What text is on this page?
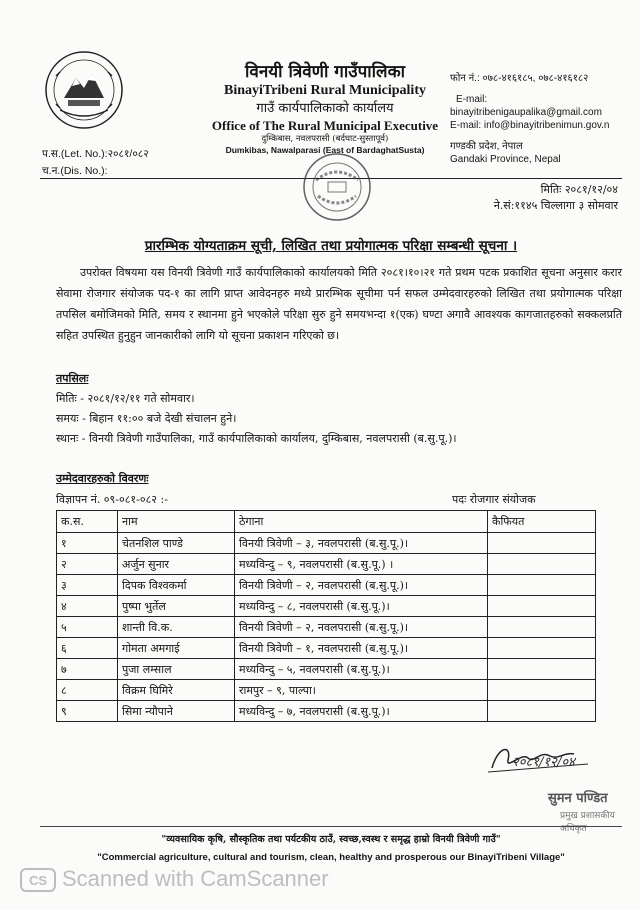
विनयी त्रिवेणी गाउँपालिका
BinayiTribeni Rural Municipality
गाउँ कार्यपालिकाको कार्यालय
Office of The Rural Municipal Executive
दुम्किबास, नवलपरासी (बर्दघाट-सुस्तापूर्व)
Dumkibas, Nawalparasi (East of BardaghatSusta)
फोन नं.: ०७८-४१६१८५, ०७८-४१६१८२
E-mail:
binayitribenigaupalika@gmail.com
E-mail: info@binayitribenimun.gov.n
गण्डकी प्रदेश, नेपाल
Gandaki Province, Nepal
प.स.(Let. No.):२०८१/०८२
च.न.(Dis. No.):
मितिः २०८१/१२/०४
ने.सं:११४५ चिल्लागा ३ सोमवार
प्रारम्भिक योग्यताक्रम सूची, लिखित तथा प्रयोगात्मक परिक्षा सम्बन्धी सूचना ।
उपरोक्त विषयमा यस विनयी त्रिवेणी गाउँ कार्यपालिकाको कार्यालयको मिति २०८१।१०।२१ गते प्रथम पटक प्रकाशित सूचना अनुसार करार सेवामा रोजगार संयोजक पद-१ का लागि प्राप्त आवेदनहरु मध्ये प्रारम्भिक सूचीमा पर्न सफल उम्मेदवारहरुको लिखित तथा प्रयोगात्मक परिक्षा तपसिल बमोजिमको मिति, समय र स्थानमा हुने भएकोले परिक्षा सुरु हुने समयभन्दा १(एक) घण्टा अगावै आवश्यक कागजातहरुको सक्कलप्रति सहित उपस्थित हुनुहुन जानकारीको लागि यो सूचना प्रकाशन गरिएको छ।
तपसिलः
मितिः - २०८१/१२/११ गते सोमवार।
समयः - बिहान ११:०० बजे देखी संचालन हुने।
स्थानः - विनयी त्रिवेणी गाउँपालिका, गाउँ कार्यपालिकाको कार्यालय, दुम्किबास, नवलपरासी (ब.सु.पू.)।
उम्मेदवारहरुको विवरणः
विज्ञापन नं. ०९-०८१-०८२ :-	पदः रोजगार संयोजक
क.स.	नाम	ठेगाना	कैफियत
१	चेतनशिल पाण्डे	विनयी त्रिवेणी – ३, नवलपरासी (ब.सु.पू.)।	
२	अर्जुन सुनार	मध्यविन्दु – ९, नवलपरासी (ब.सु.पू.) ।	
३	दिपक विश्वकर्मा	विनयी त्रिवेणी – २, नवलपरासी (ब.सु.पू.)।	
४	पुष्पा भुर्तेल	मध्यविन्दु – ८, नवलपरासी (ब.सु.पू.)।	
५	शान्ती वि.क.	विनयी त्रिवेणी – २, नवलपरासी (ब.सु.पू.)।	
६	गोमता अमगाई	विनयी त्रिवेणी – १, नवलपरासी (ब.सु.पू.)।	
७	पुजा लम्साल	मध्यविन्दु – ५, नवलपरासी (ब.सु.पू.)।	
८	विक्रम घिमिरे	रामपुर – ९, पाल्पा।	
९	सिमा न्यौपाने	मध्यविन्दु – ७, नवलपरासी (ब.सु.पू.)।	
२०८१/१२/०४
सुमन पण्डित
प्रमुख प्रशासकीय अधिकृत
"व्यवसायिक कृषि, सौस्कृतिक तथा पर्यटकीय ठाउँ, स्वच्छ,स्वस्थ र समृद्ध हाम्रो विनयी त्रिवेणी गाउँ"
"Commercial agriculture, cultural and tourism, clean, healthy and prosperous our BinayiTribeni Village"
CS Scanned with CamScanner
